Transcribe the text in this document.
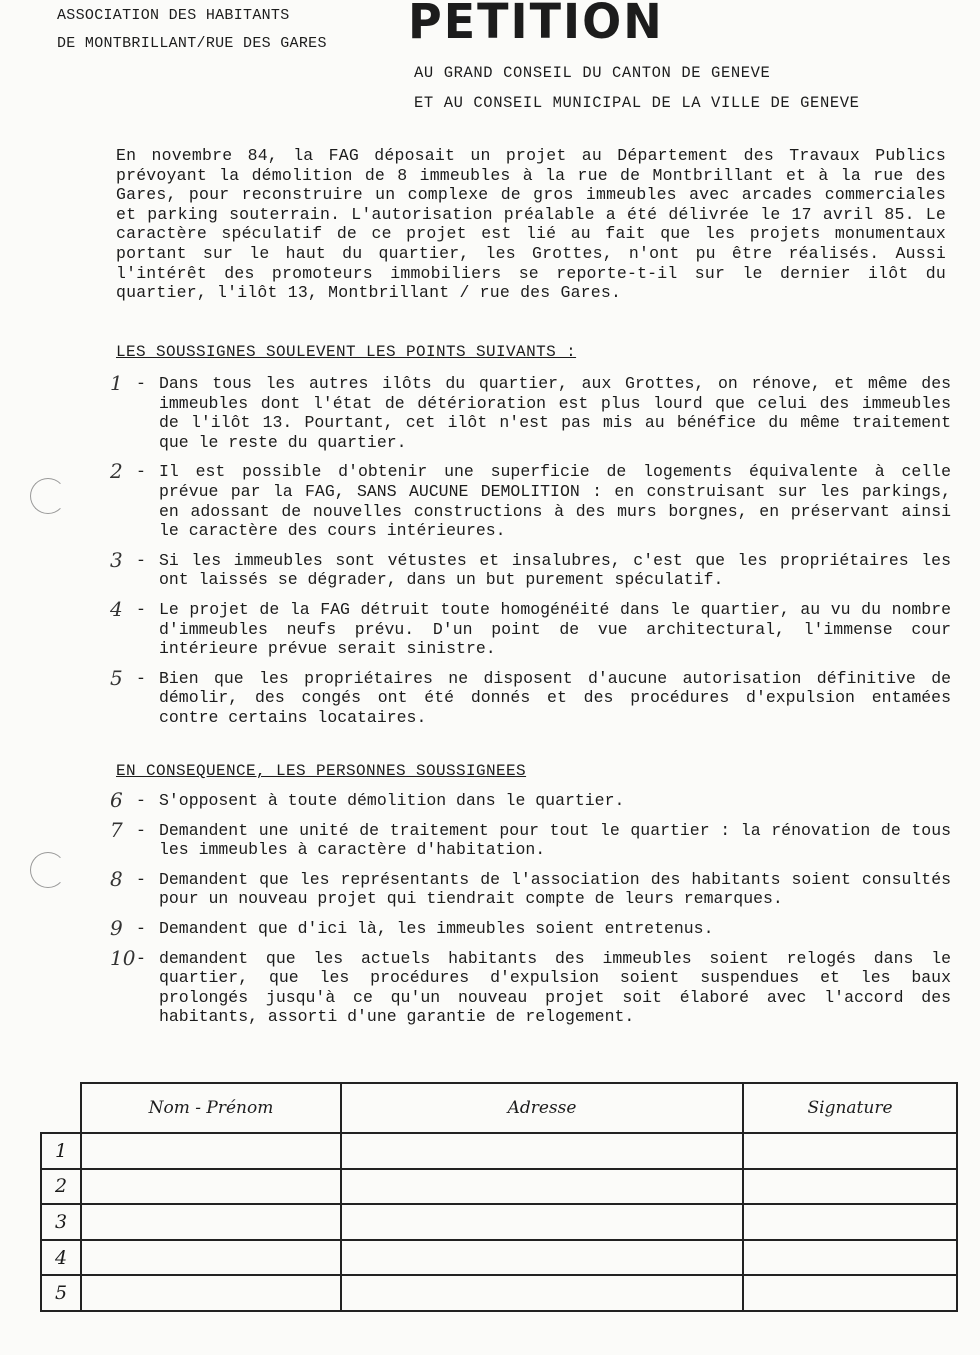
ASSOCIATION DES HABITANTS
DE MONTBRILLANT/RUE DES GARES PETITION
AU GRAND CONSEIL DU CANTON DE GENEVE
ET AU CONSEIL MUNICIPAL DE LA VILLE DE GENEVE
En novembre 84, la FAG déposait un projet au Département des Travaux Publics prévoyant la démolition de 8 immeubles à la rue de Montbrillant et à la rue des Gares, pour reconstruire un complexe de gros immeubles avec arcades commerciales et parking souterrain. L'autorisation préalable a été délivrée le 17 avril 85. Le caractère spéculatif de ce projet est lié au fait que les projets monumentaux portant sur le haut du quartier, les Grottes, n'ont pu être réalisés. Aussi l'intérêt des promoteurs immobiliers se reporte-t-il sur le dernier ilôt du quartier, l'ilôt 13, Montbrillant / rue des Gares.
LES SOUSSIGNES SOULEVENT LES POINTS SUIVANTS :
1 - Dans tous les autres ilôts du quartier, aux Grottes, on rénove, et même des immeubles dont l'état de détérioration est plus lourd que celui des immeubles de l'ilôt 13. Pourtant, cet ilôt n'est pas mis au bénéfice du même traitement que le reste du quartier.
2 - Il est possible d'obtenir une superficie de logements équivalente à celle prévue par la FAG, SANS AUCUNE DEMOLITION : en construisant sur les parkings, en adossant de nouvelles constructions à des murs borgnes, en préservant ainsi le caractère des cours intérieures.
3 - Si les immeubles sont vétustes et insalubres, c'est que les propriétaires les ont laissés se dégrader, dans un but purement spéculatif.
4 - Le projet de la FAG détruit toute homogénéité dans le quartier, au vu du nombre d'immeubles neufs prévu. D'un point de vue architectural, l'immense cour intérieure prévue serait sinistre.
5 - Bien que les propriétaires ne disposent d'aucune autorisation définitive de démolir, des congés ont été donnés et des procédures d'expulsion entamées contre certains locataires.
EN CONSEQUENCE, LES PERSONNES SOUSSIGNEES
6 - S'opposent à toute démolition dans le quartier.
7 - Demandent une unité de traitement pour tout le quartier : la rénovation de tous les immeubles à caractère d'habitation.
8 - Demandent que les représentants de l'association des habitants soient consultés pour un nouveau projet qui tiendrait compte de leurs remarques.
9 - Demandent que d'ici là, les immeubles soient entretenus.
10 - demandent que les actuels habitants des immeubles soient relogés dans le quartier, que les procédures d'expulsion soient suspendues et les baux prolongés jusqu'à ce qu'un nouveau projet soit élaboré avec l'accord des habitants, assorti d'une garantie de relogement.
	Nom - Prénom	Adresse	Signature
1			
2			
3			
4			
5			
